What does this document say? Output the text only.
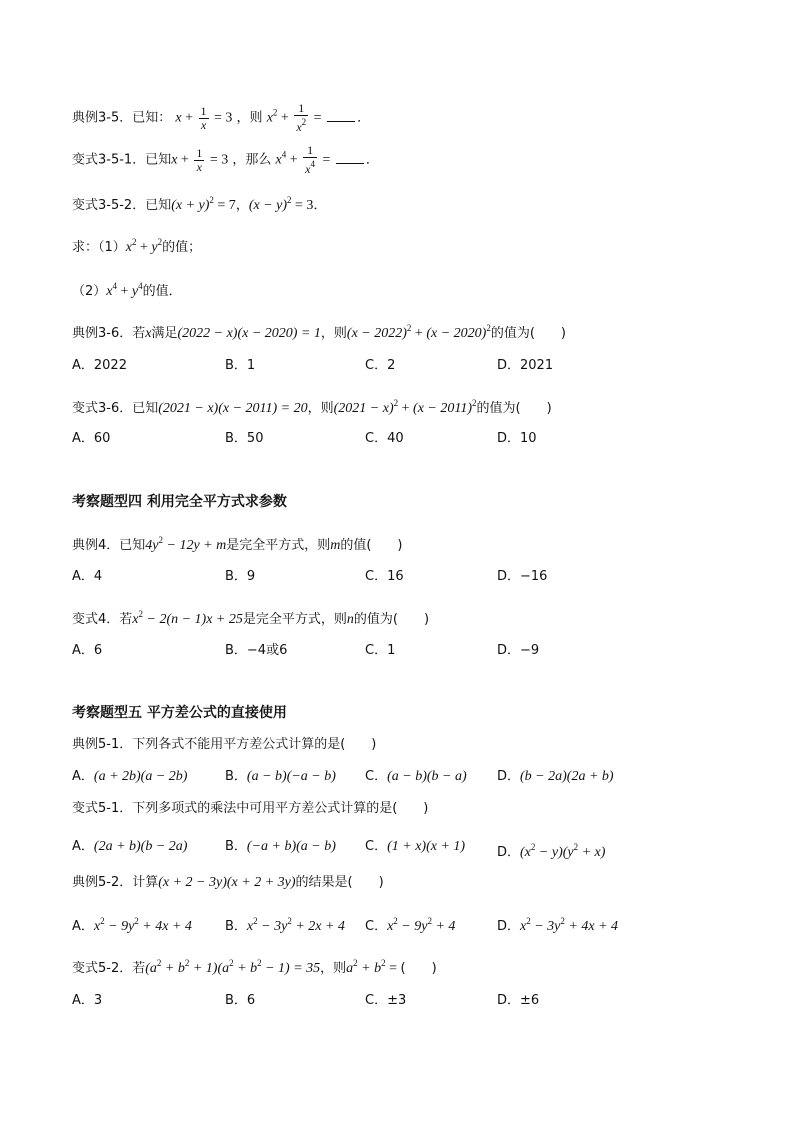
典例3-5．已知： $x + \frac{1}{x} = 3$ ，则 $x^2 + \frac{1}{x^2}$ = ．
变式3-5-1．已知$x + \frac{1}{x} = 3$ ，那么 $x^4 + \frac{1}{x^4}$ = ．
变式3-5-2．已知$(x + y)^2 = 7$，$(x - y)^2 = 3$．
求：$(1)x^2 + y^2$的值；
$(2)x^4 + y^4$的值．
典例3-6．若x满足(2022 − x)(x − 2020) = 1，则$(x - 2022)^2 + (x - 2020)^2$的值为(　　)
A．2022	B．1	C．2	D．2021
变式3-6．已知(2021 − x)(x − 2011) = 20，则$(2021 - x)^2 + (x - 2011)^2$的值为(　　)
A．60	B．50	C．40	D．10
考察题型四 利用完全平方式求参数
典例4．已知$4y^2 - 12y + m$是完全平方式，则m的值(　　)
A．4	B．9	C．16	D．−16
变式4．若$x^2 - 2(n - 1)x + 25$是完全平方式，则n的值为(　　)
A．6	B．−4或6	C．1	D．−9
考察题型五 平方差公式的直接使用
典例5-1．下列各式不能用平方差公式计算的是(　　)
A．(a + 2b)(a − 2b)	B．(a − b)(−a − b) C．(a − b)(b − a) D．(b − 2a)(2a + b)
变式5-1．下列多项式的乘法中可用平方差公式计算的是(　　)
A．(2a + b)(b − 2a)	B．(−a + b)(a − b) C．(1 + x)(x + 1) D．$(x^2 - y)(y^2 + x)$
典例5-2．计算(x + 2 − 3y)(x + 2 + 3y)的结果是(　　)
A．$x^2 - 9y^2 + 4x + 4$	B．$x^2 - 3y^2 + 2x + 4$ C．$x^2 - 9y^2 + 4$	D．$x^2 - 3y^2 + 4x + 4$
变式5-2．若$(a^2 + b^2 + 1)(a^2 + b^2 - 1) = 35$，则$a^2 + b^2$ = (　　)
A．3	B．6	C．±3	D．±6
